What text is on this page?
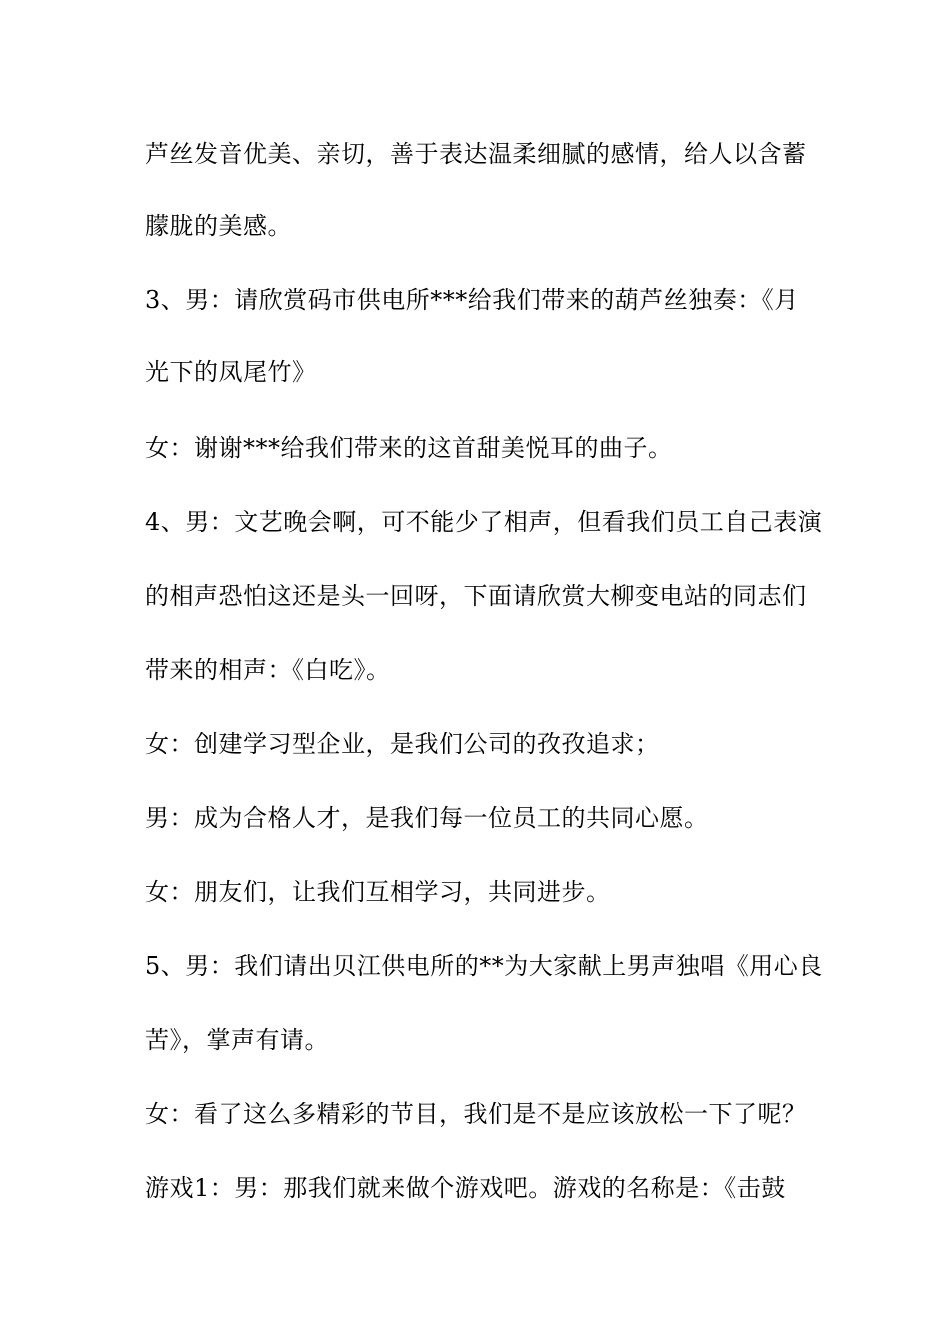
芦丝发音优美、亲切，善于表达温柔细腻的感情，给人以含蓄
朦胧的美感。
3、男：请欣赏码市供电所***给我们带来的葫芦丝独奏：《月
光下的凤尾竹》
女：谢谢***给我们带来的这首甜美悦耳的曲子。
4、男：文艺晚会啊，可不能少了相声，但看我们员工自己表演
的相声恐怕这还是头一回呀，下面请欣赏大柳变电站的同志们
带来的相声：《白吃》。
女：创建学习型企业，是我们公司的孜孜追求；
男：成为合格人才，是我们每一位员工的共同心愿。
女：朋友们，让我们互相学习，共同进步。
5、男：我们请出贝江供电所的**为大家献上男声独唱《用心良
苦》，掌声有请。
女：看了这么多精彩的节目，我们是不是应该放松一下了呢？
游戏1：男：那我们就来做个游戏吧。游戏的名称是：《击鼓
